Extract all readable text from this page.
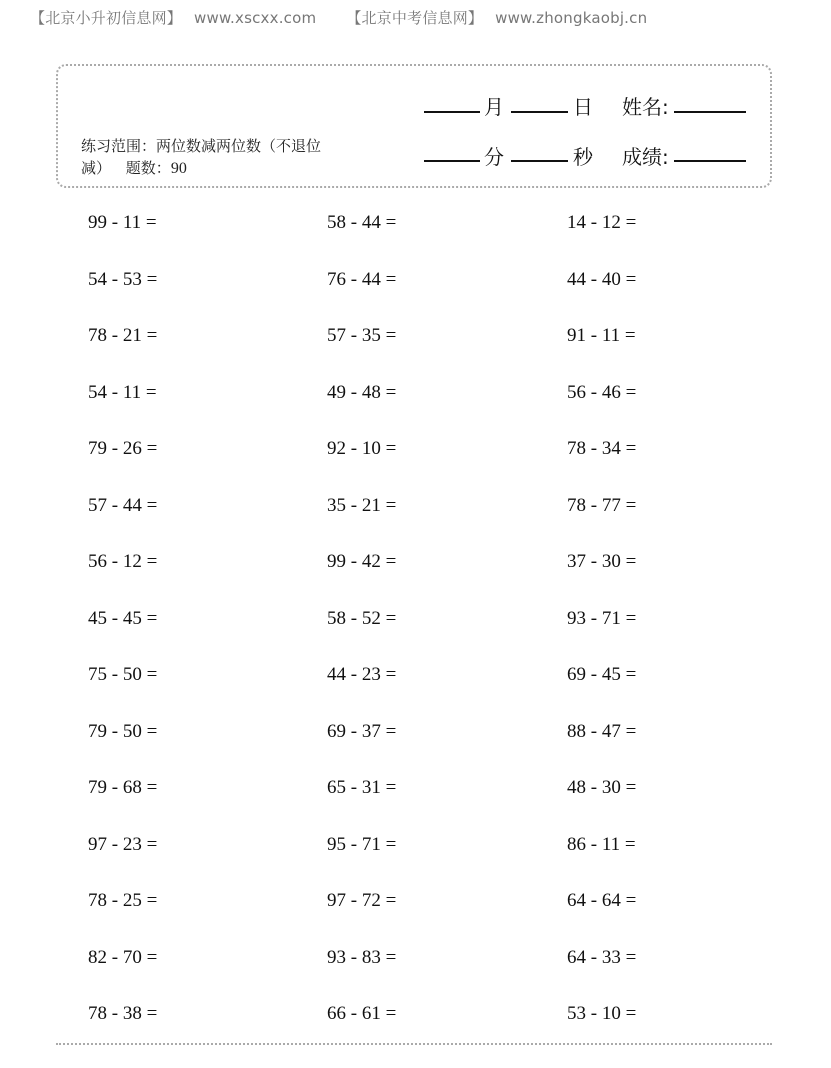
【北京小升初信息网】 www.xscxx.com 【北京中考信息网】 www.zhongkaobj.cn
练习范围：两位数减两位数（不退位减） 题数：90
月	日 姓名:
分	秒 成绩:
99 - 11 =	58 - 44 =	14 - 12 =
54 - 53 =	76 - 44 =	44 - 40 =
78 - 21 =	57 - 35 =	91 - 11 =
54 - 11 =	49 - 48 =	56 - 46 =
79 - 26 =	92 - 10 =	78 - 34 =
57 - 44 =	35 - 21 =	78 - 77 =
56 - 12 =	99 - 42 =	37 - 30 =
45 - 45 =	58 - 52 =	93 - 71 =
75 - 50 =	44 - 23 =	69 - 45 =
79 - 50 =	69 - 37 =	88 - 47 =
79 - 68 =	65 - 31 =	48 - 30 =
97 - 23 =	95 - 71 =	86 - 11 =
78 - 25 =	97 - 72 =	64 - 64 =
82 - 70 =	93 - 83 =	64 - 33 =
78 - 38 =	66 - 61 =	53 - 10 =
